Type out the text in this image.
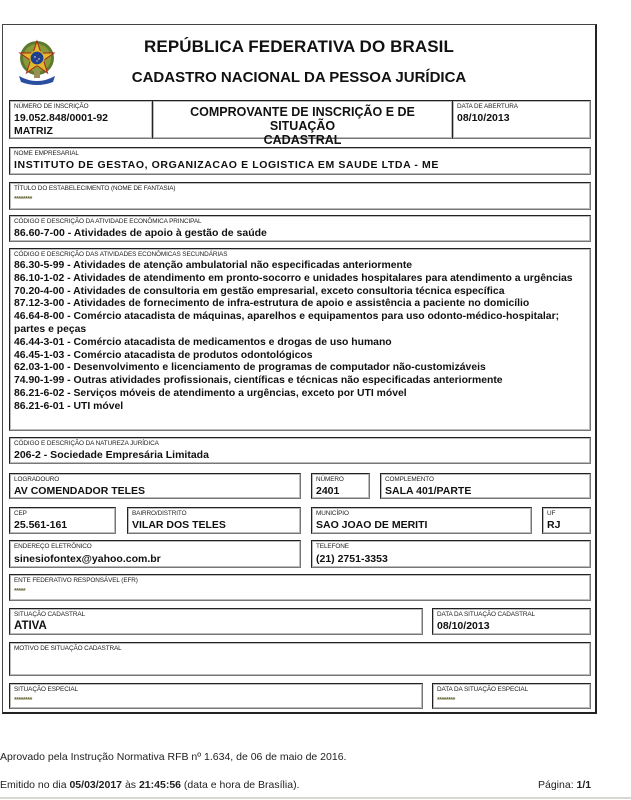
REPÚBLICA FEDERATIVA DO BRASIL
CADASTRO NACIONAL DA PESSOA JURÍDICA
NÚMERO DE INSCRIÇÃO
19.052.848/0001-92
MATRIZ
COMPROVANTE DE INSCRIÇÃO E DE SITUAÇÃO
CADASTRAL
DATA DE ABERTURA
08/10/2013
NOME EMPRESARIAL
INSTITUTO DE GESTAO, ORGANIZACAO E LOGISTICA EM SAUDE LTDA - ME
TÍTULO DO ESTABELECIMENTO (NOME DE FANTASIA)
********
CÓDIGO E DESCRIÇÃO DA ATIVIDADE ECONÔMICA PRINCIPAL
86.60-7-00 - Atividades de apoio à gestão de saúde
CÓDIGO E DESCRIÇÃO DAS ATIVIDADES ECONÔMICAS SECUNDÁRIAS
86.30-5-99 - Atividades de atenção ambulatorial não especificadas anteriormente
86.10-1-02 - Atividades de atendimento em pronto-socorro e unidades hospitalares para atendimento a urgências
70.20-4-00 - Atividades de consultoria em gestão empresarial, exceto consultoria técnica específica
87.12-3-00 - Atividades de fornecimento de infra-estrutura de apoio e assistência a paciente no domicílio
46.64-8-00 - Comércio atacadista de máquinas, aparelhos e equipamentos para uso odonto-médico-hospitalar; partes e peças
46.44-3-01 - Comércio atacadista de medicamentos e drogas de uso humano
46.45-1-03 - Comércio atacadista de produtos odontológicos
62.03-1-00 - Desenvolvimento e licenciamento de programas de computador não-customizáveis
74.90-1-99 - Outras atividades profissionais, científicas e técnicas não especificadas anteriormente
86.21-6-02 - Serviços móveis de atendimento a urgências, exceto por UTI móvel
86.21-6-01 - UTI móvel
CÓDIGO E DESCRIÇÃO DA NATUREZA JURÍDICA
206-2 - Sociedade Empresária Limitada
LOGRADOURO
AV COMENDADOR TELES
NÚMERO
2401
COMPLEMENTO
SALA 401/PARTE
CEP
25.561-161
BAIRRO/DISTRITO
VILAR DOS TELES
MUNICÍPIO
SAO JOAO DE MERITI
UF
RJ
ENDEREÇO ELETRÔNICO
sinesiofontex@yahoo.com.br
TELEFONE
(21) 2751-3353
ENTE FEDERATIVO RESPONSÁVEL (EFR)
*****
SITUAÇÃO CADASTRAL
ATIVA
DATA DA SITUAÇÃO CADASTRAL
08/10/2013
MOTIVO DE SITUAÇÃO CADASTRAL
SITUAÇÃO ESPECIAL
********
DATA DA SITUAÇÃO ESPECIAL
********
Aprovado pela Instrução Normativa RFB nº 1.634, de 06 de maio de 2016.
Emitido no dia 05/03/2017 às 21:45:56 (data e hora de Brasília).	Página: 1/1
